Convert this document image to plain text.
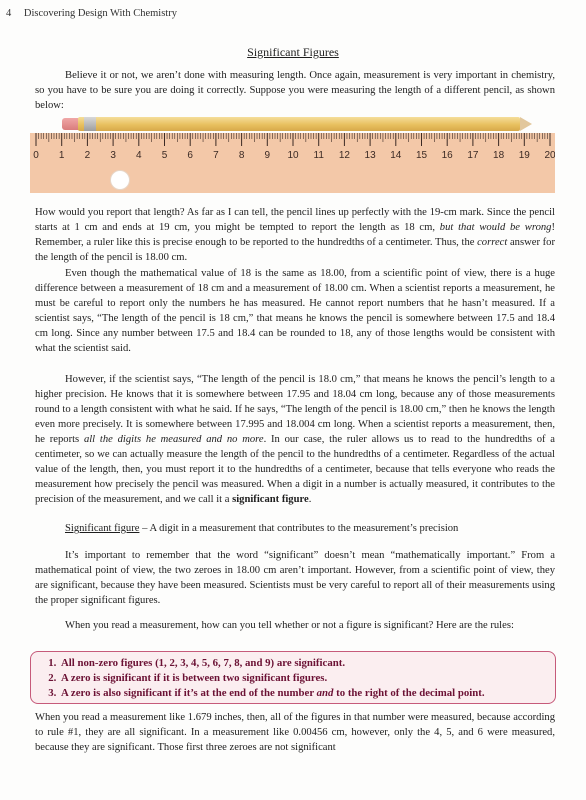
4 Discovering Design With Chemistry
Significant Figures
Believe it or not, we aren’t done with measuring length. Once again, measurement is very important in chemistry, so you have to be sure you are doing it correctly. Suppose you were measuring the length of a different pencil, as shown below:
0 1 2 3 4 5 6 7 8 9 10 11 12 13 14 15 16 17 18 19 20
How would you report that length? As far as I can tell, the pencil lines up perfectly with the 19-cm mark. Since the pencil starts at 1 cm and ends at 19 cm, you might be tempted to report the length as 18 cm, but that would be wrong! Remember, a ruler like this is precise enough to be reported to the hundredths of a centimeter. Thus, the correct answer for the length of the pencil is 18.00 cm.
Even though the mathematical value of 18 is the same as 18.00, from a scientific point of view, there is a huge difference between a measurement of 18 cm and a measurement of 18.00 cm. When a scientist reports a measurement, he must be careful to report only the numbers he has measured. He cannot report numbers that he hasn’t measured. If a scientist says, “The length of the pencil is 18 cm,” that means he knows the pencil is somewhere between 17.5 and 18.4 cm long. Since any number between 17.5 and 18.4 can be rounded to 18, any of those lengths would be consistent with what the scientist said.
However, if the scientist says, “The length of the pencil is 18.0 cm,” that means he knows the pencil’s length to a higher precision. He knows that it is somewhere between 17.95 and 18.04 cm long, because any of those measurements round to a length consistent with what he said. If he says, “The length of the pencil is 18.00 cm,” then he knows the length even more precisely. It is somewhere between 17.995 and 18.004 cm long. When a scientist reports a measurement, then, he reports all the digits he measured and no more. In our case, the ruler allows us to read to the hundredths of a centimeter, so we can actually measure the length of the pencil to the hundredths of a centimeter. Regardless of the actual value of the length, then, you must report it to the hundredths of a centimeter, because that tells everyone who reads the measurement how precisely the pencil was measured. When a digit in a number is actually measured, it contributes to the precision of the measurement, and we call it a significant figure.
Significant figure – A digit in a measurement that contributes to the measurement’s precision
It’s important to remember that the word “significant” doesn’t mean “mathematically important.” From a mathematical point of view, the two zeroes in 18.00 cm aren’t important. However, from a scientific point of view, they are significant, because they have been measured. Scientists must be very careful to report all of their measurements using the proper significant figures.
When you read a measurement, how can you tell whether or not a figure is significant? Here are the rules:
1. All non-zero figures (1, 2, 3, 4, 5, 6, 7, 8, and 9) are significant.
2. A zero is significant if it is between two significant figures.
3. A zero is also significant if it’s at the end of the number and to the right of the decimal point.
When you read a measurement like 1.679 inches, then, all of the figures in that number were measured, because according to rule #1, they are all significant. In a measurement like 0.00456 cm, however, only the 4, 5, and 6 were measured, because they are significant. Those first three zeroes are not significant
